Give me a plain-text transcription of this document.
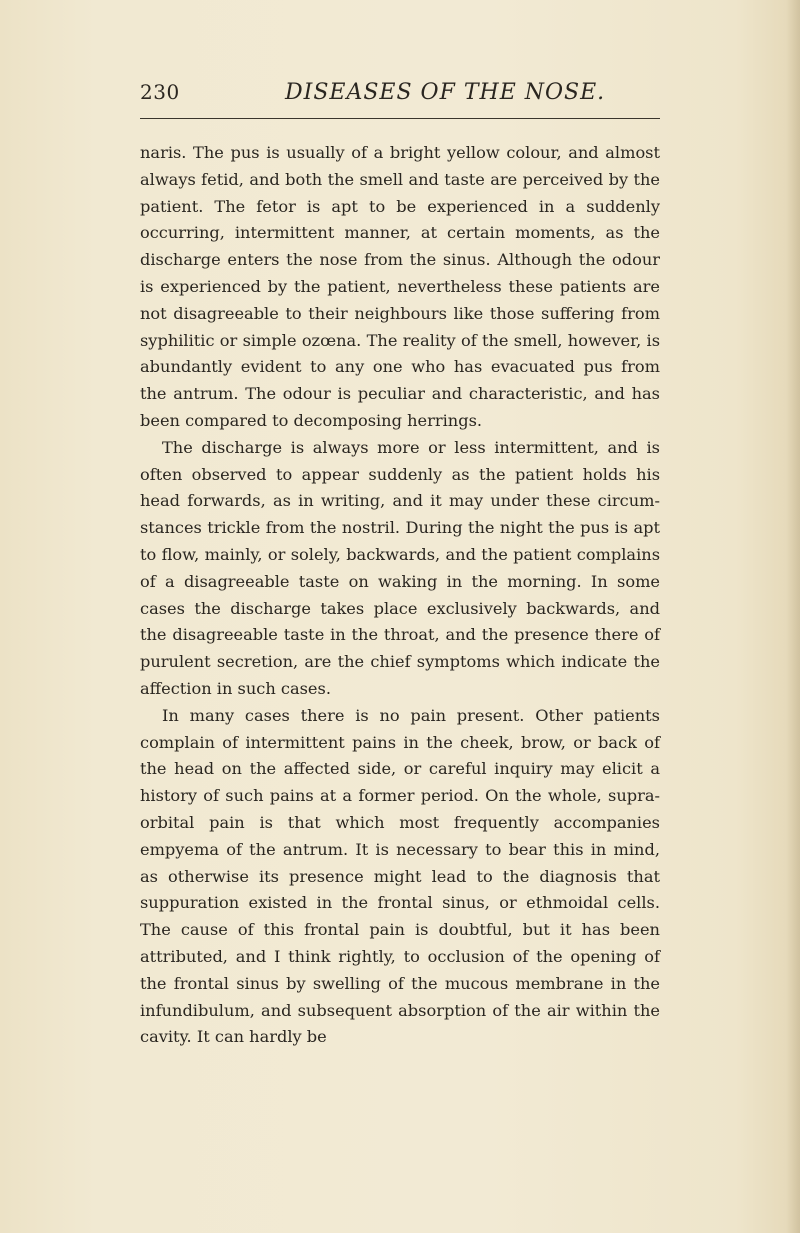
230	DISEASES OF THE NOSE.

naris. The pus is usually of a bright yellow colour, and almost always fetid, and both the smell and taste are perceived by the patient. The fetor is apt to be experienced in a suddenly occurring, intermittent manner, at certain moments, as the discharge enters the nose from the sinus. Although the odour is experienced by the patient, nevertheless these patients are not disagreeable to their neighbours like those suffering from syphilitic or simple ozœna. The reality of the smell, however, is abundantly evident to any one who has evacuated pus from the antrum. The odour is peculiar and characteristic, and has been compared to decomposing herrings.

The discharge is always more or less intermittent, and is often observed to appear suddenly as the patient holds his head forwards, as in writing, and it may under these circumstances trickle from the nostril. During the night the pus is apt to flow, mainly, or solely, backwards, and the patient complains of a disagreeable taste on waking in the morning. In some cases the discharge takes place exclusively backwards, and the disagreeable taste in the throat, and the presence there of purulent secretion, are the chief symptoms which indicate the affection in such cases.

In many cases there is no pain present. Other patients complain of intermittent pains in the cheek, brow, or back of the head on the affected side, or careful inquiry may elicit a history of such pains at a former period. On the whole, supra-orbital pain is that which most frequently accompanies empyema of the antrum. It is necessary to bear this in mind, as otherwise its presence might lead to the diagnosis that suppuration existed in the frontal sinus, or ethmoidal cells. The cause of this frontal pain is doubtful, but it has been attributed, and I think rightly, to occlusion of the opening of the frontal sinus by swelling of the mucous membrane in the infundibulum, and subsequent absorption of the air within the cavity. It can hardly be
